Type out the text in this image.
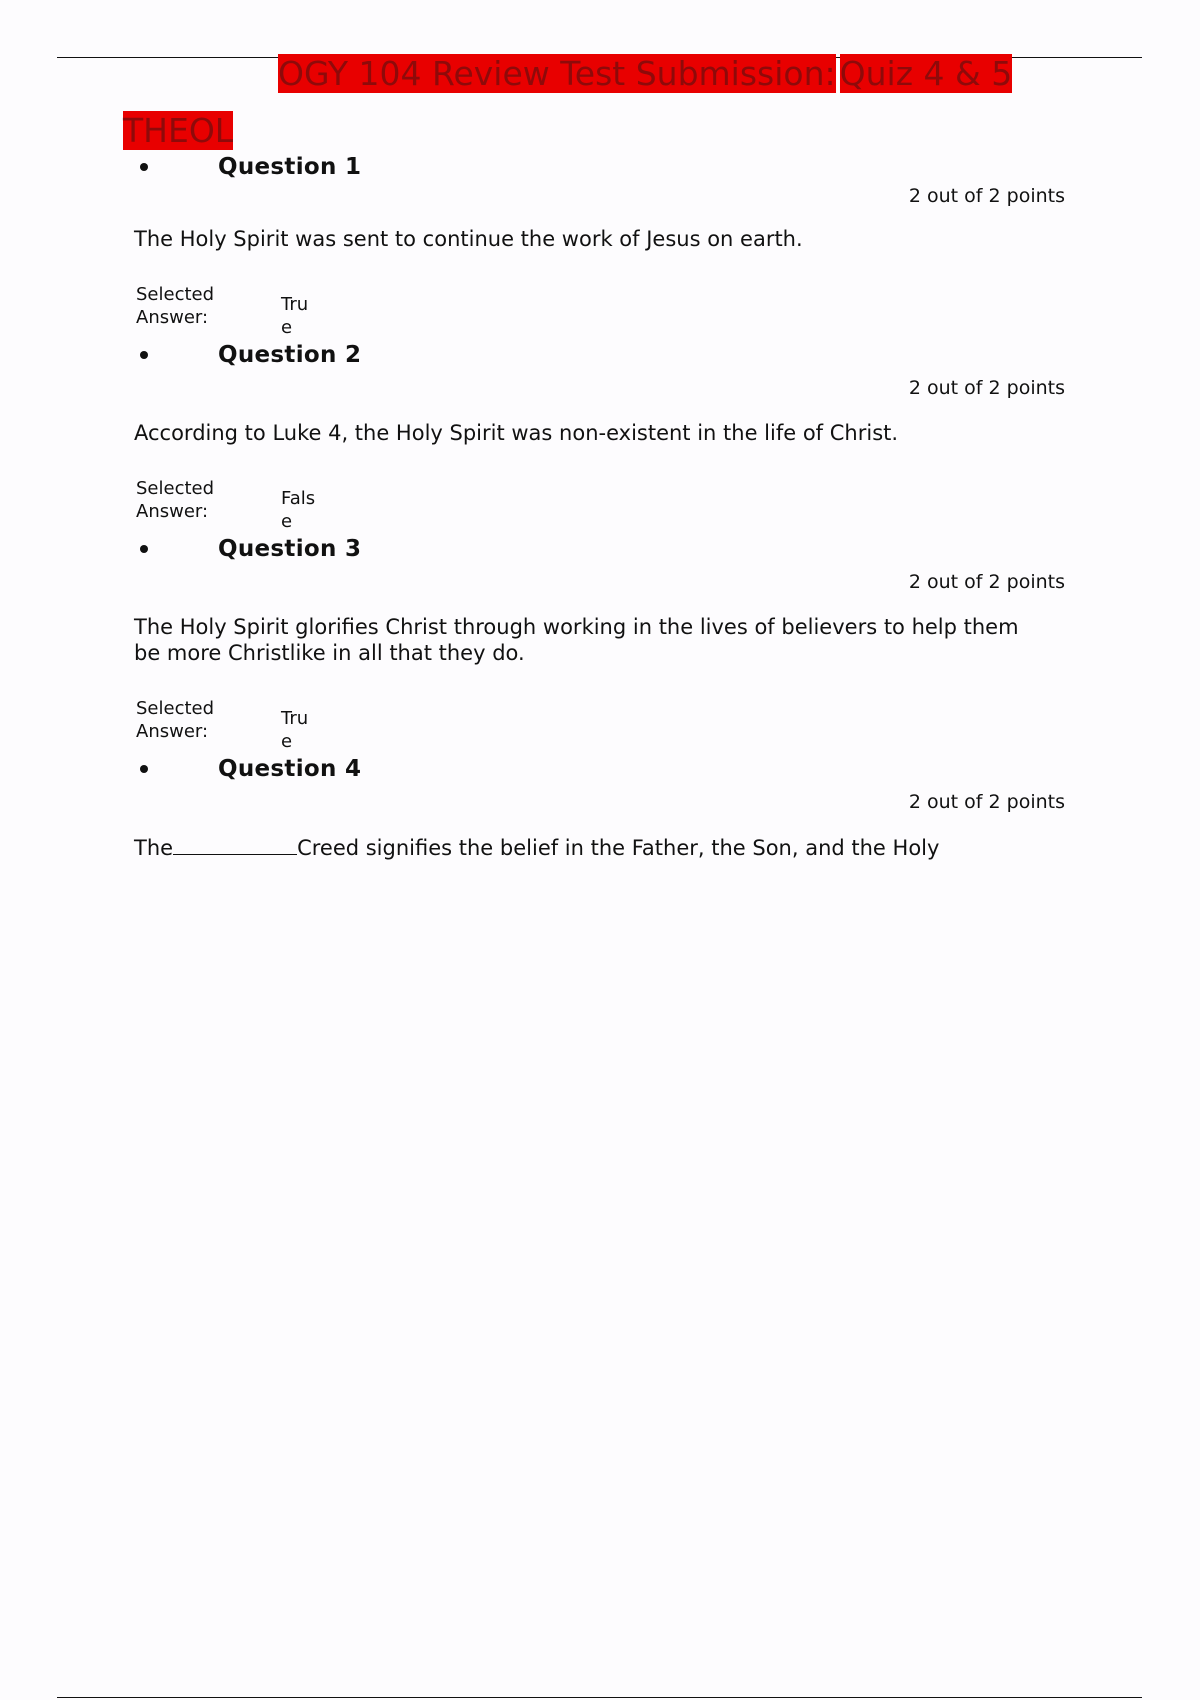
OGY 104 Review Test Submission: Quiz 4 & 5
THEOL
Question 1
2 out of 2 points
The Holy Spirit was sent to continue the work of Jesus on earth.
Selected Answer:
True
Question 2
2 out of 2 points
According to Luke 4, the Holy Spirit was non-existent in the life of Christ.
Selected Answer:
False
Question 3
2 out of 2 points
The Holy Spirit glorifies Christ through working in the lives of believers to help them be more Christlike in all that they do.
Selected Answer:
True
Question 4
2 out of 2 points
The	Creed signifies the belief in the Father, the Son, and the Holy
